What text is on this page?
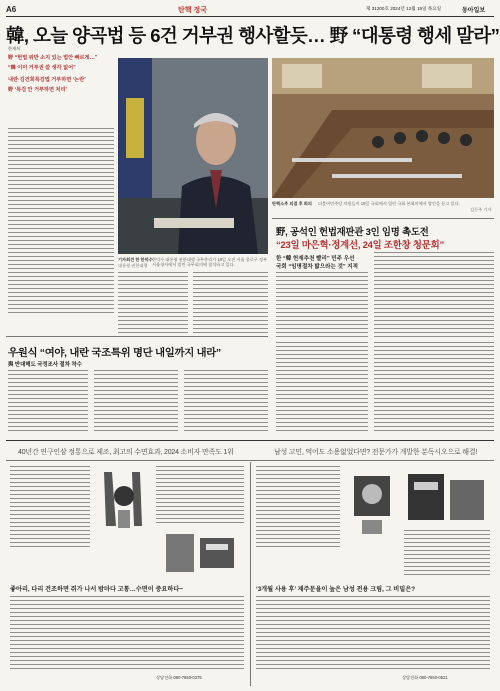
A6	탄핵 정국	제 31200호 2024년 12월 19일 목요일	동아일보
韓, 오늘 양곡법 등 6건 거부권 행사할듯… 野 “대통령 행세 말라”
한재희
野 “헌법 위반 소지 있는 법안 빠르게…”
“韓 이미 거부권 쓸 생각 없어”
내란·김건희특검법 거부하면 ‘논란’
野 ‘특검 안 거부하면 처리’
기자회견 한 한덕수
대통령 권한대행
한덕수 대통령 권한대행 국무총리가 18일 오전 서울 종로구 정부서울청사에서 열린 국무회의에 참석하고 있다.
탄핵소추 의결 후 회의 더불어민주당 의원들이 18일 국회에서 열린 국회 본회의에서 발언을 듣고 있다.
김동주 기자
野, 공석인 헌법재판관 3인 임명 촉도전
“23일 마은혁·정계선, 24일 조한창 청문회”
한 “韓 헌재추천 빨리” 민주 우선
국회 “임명절차 밟으라는 것” 지적
우원식 “여야, 내란 국조특위 명단 내일까지 내라”
與 반대해도 국정조사 절차 착수
40년간 연구인삼 정통으로 제조, 최고의 수면효과, 2024 소비자 만족도 1위	남성 고민, 먹어도 소용없었다면? 전문가가 개발한 분독시오으로 해결!
좋아리, 다리 건조하면 쥐가 나서 밤마다 고통…수면이 중요하다~
상담전화 080-7850-0375
‘3개월 사용 후’ 재주문율이 높은 남성 전용 크림, 그 비밀은?
상담전화 080-7650-0521
